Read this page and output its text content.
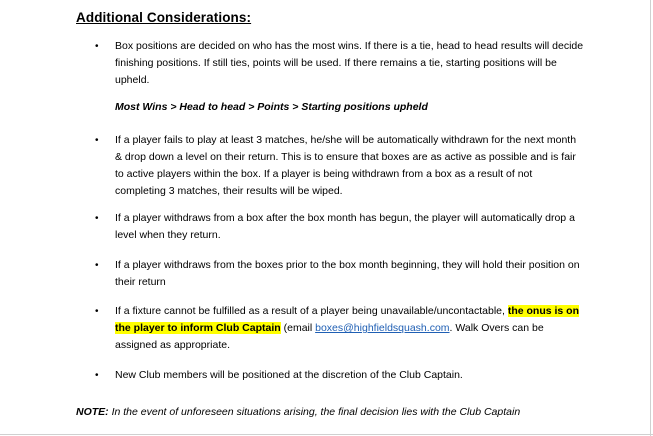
Additional Considerations:
•	Box positions are decided on who has the most wins. If there is a tie, head to head results will decide finishing positions. If still ties, points will be used. If there remains a tie, starting positions will be upheld.
Most Wins > Head to head > Points > Starting positions upheld
•	If a player fails to play at least 3 matches, he/she will be automatically withdrawn for the next month & drop down a level on their return. This is to ensure that boxes are as active as possible and is fair to active players within the box. If a player is being withdrawn from a box as a result of not completing 3 matches, their results will be wiped.
•	If a player withdraws from a box after the box month has begun, the player will automatically drop a level when they return.
•	If a player withdraws from the boxes prior to the box month beginning, they will hold their position on their return
•	If a fixture cannot be fulfilled as a result of a player being unavailable/uncontactable, the onus is on the player to inform Club Captain (email boxes@highfieldsquash.com. Walk Overs can be assigned as appropriate.
•	New Club members will be positioned at the discretion of the Club Captain.
NOTE: In the event of unforeseen situations arising, the final decision lies with the Club Captain
